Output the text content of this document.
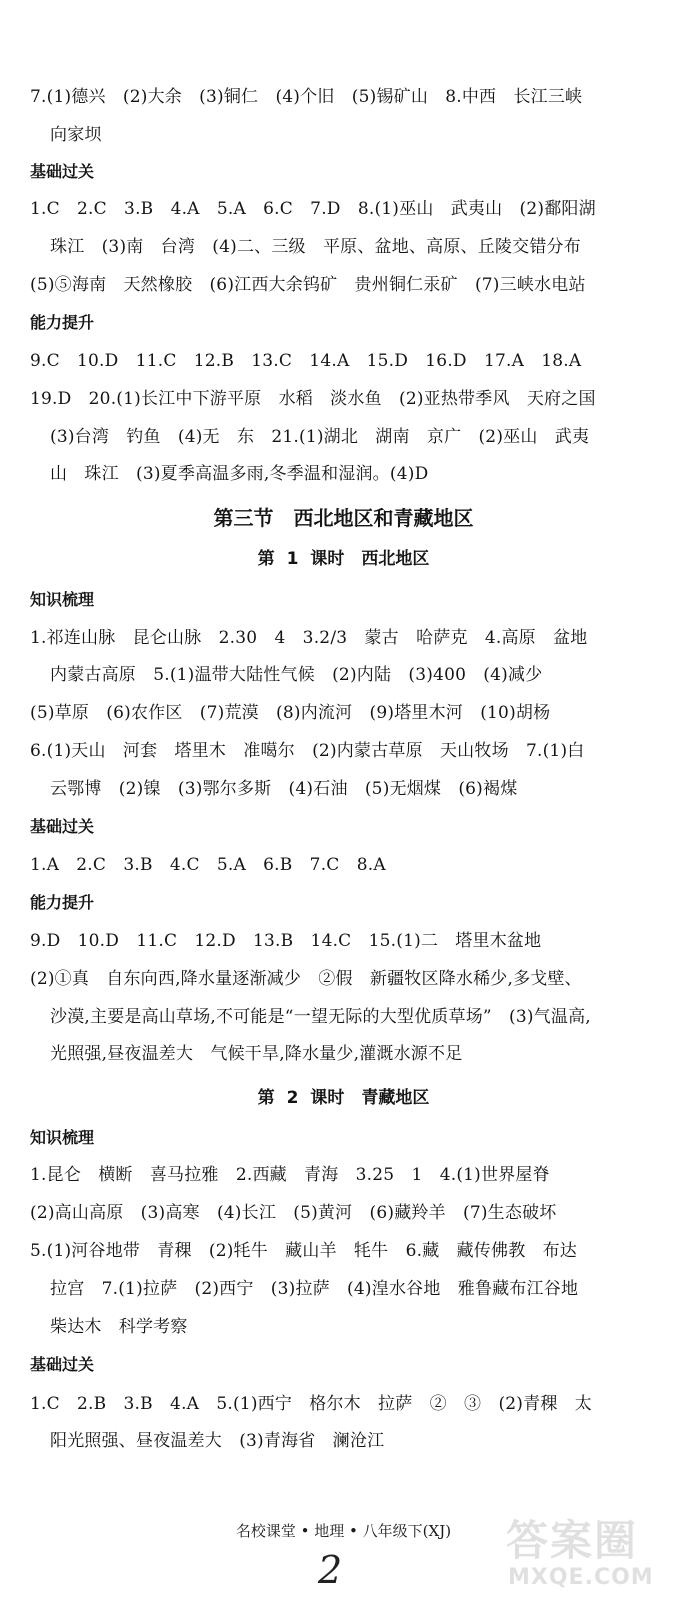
7.(1)德兴　(2)大余　(3)铜仁　(4)个旧　(5)锡矿山　8.中西　长江三峡
向家坝
基础过关
1.C　2.C　3.B　4.A　5.A　6.C　7.D　8.(1)巫山　武夷山　(2)鄱阳湖
珠江　(3)南　台湾　(4)二、三级　平原、盆地、高原、丘陵交错分布
(5)⑤海南　天然橡胶　(6)江西大余钨矿　贵州铜仁汞矿　(7)三峡水电站
能力提升
9.C　10.D　11.C　12.B　13.C　14.A　15.D　16.D　17.A　18.A
19.D　20.(1)长江中下游平原　水稻　淡水鱼　(2)亚热带季风　天府之国
(3)台湾　钓鱼　(4)无　东　21.(1)湖北　湖南　京广　(2)巫山　武夷
山　珠江　(3)夏季高温多雨,冬季温和湿润。(4)D
第三节　西北地区和青藏地区
第 1 课时　西北地区
知识梳理
1.祁连山脉　昆仑山脉　2.30　4　3.2/3　蒙古　哈萨克　4.高原　盆地
内蒙古高原　5.(1)温带大陆性气候　(2)内陆　(3)400　(4)减少
(5)草原　(6)农作区　(7)荒漠　(8)内流河　(9)塔里木河　(10)胡杨
6.(1)天山　河套　塔里木　准噶尔　(2)内蒙古草原　天山牧场　7.(1)白
云鄂博　(2)镍　(3)鄂尔多斯　(4)石油　(5)无烟煤　(6)褐煤
基础过关
1.A　2.C　3.B　4.C　5.A　6.B　7.C　8.A
能力提升
9.D　10.D　11.C　12.D　13.B　14.C　15.(1)二　塔里木盆地
(2)①真　自东向西,降水量逐渐减少　②假　新疆牧区降水稀少,多戈壁、
沙漠,主要是高山草场,不可能是“一望无际的大型优质草场”　(3)气温高,
光照强,昼夜温差大　气候干旱,降水量少,灌溉水源不足
第 2 课时　青藏地区
知识梳理
1.昆仑　横断　喜马拉雅　2.西藏　青海　3.25　1　4.(1)世界屋脊
(2)高山高原　(3)高寒　(4)长江　(5)黄河　(6)藏羚羊　(7)生态破坏
5.(1)河谷地带　青稞　(2)牦牛　藏山羊　牦牛　6.藏　藏传佛教　布达
拉宫　7.(1)拉萨　(2)西宁　(3)拉萨　(4)湟水谷地　雅鲁藏布江谷地
柴达木　科学考察
基础过关
1.C　2.B　3.B　4.A　5.(1)西宁　格尔木　拉萨　②　③　(2)青稞　太
阳光照强、昼夜温差大　(3)青海省　澜沧江
名校课堂 • 地理 • 八年级下(XJ)
2
答案圈
MXQE.COM
